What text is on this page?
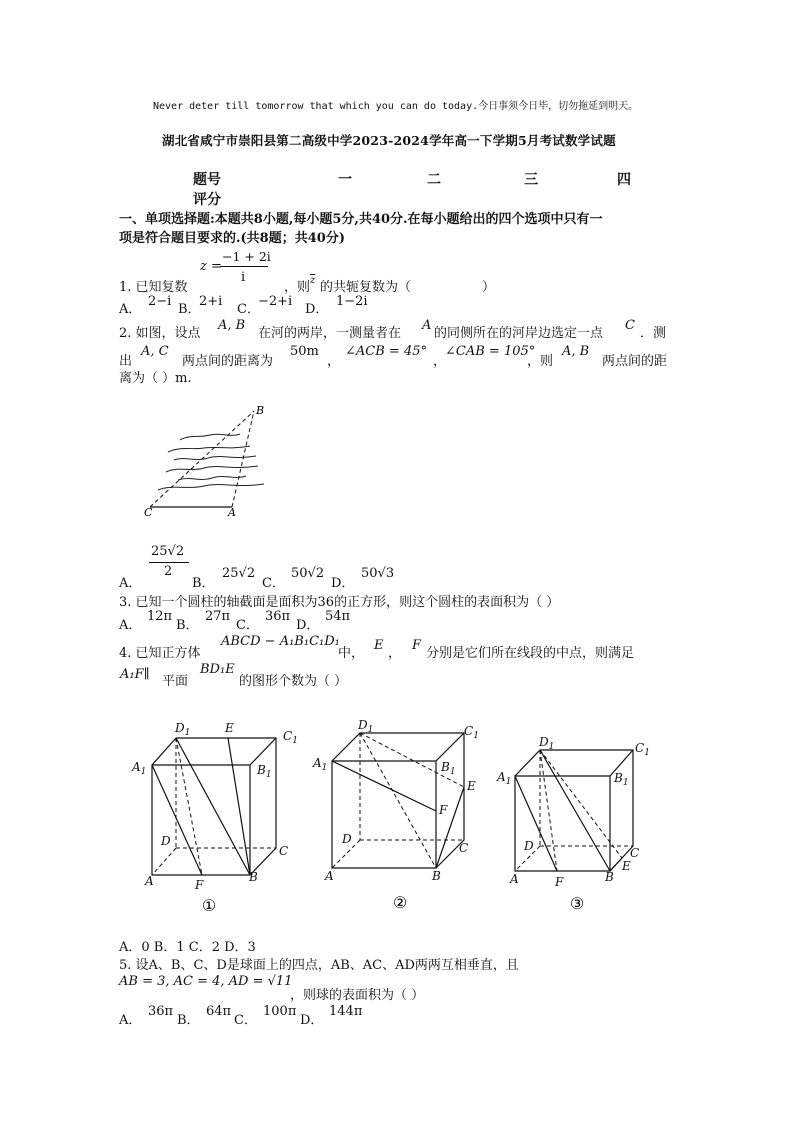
Never deter till tomorrow that which you can do today.今日事须今日毕，切勿拖延到明天。
湖北省咸宁市崇阳县第二高级中学2023-2024学年高一下学期5月考试数学试题
题号	一	二	三	四
评分
一、单项选择题:本题共8小题,每小题5分,共40分.在每小题给出的四个选项中只有一
项是符合题目要求的.(共8题；共40分)
z =
−1 + 2i
i
1. 已知复数	，则 $\overline{z}$ 的共轭复数为（	）
A．
2−i
B．
2+i
C．
−2+i
D．
1−2i
2. 如图，设点
A, B
在河的两岸，一测量者在
A
的同侧所在的河岸边选定一点
C
．测
出
A, C
两点间的距离为
50m
，
∠ACB = 45°
，
∠CAB = 105°
，则
A, B
两点间的距
离为（ ）m.
B
C	A
A．
25√2
2
B．
25√2
C．
50√2
D．
50√3
3. 已知一个圆柱的轴截面是面积为36的正方形，则这个圆柱的表面积为（ ）
A．
12π
B．
27π
C．
36π
D．
54π
4. 已知正方体
ABCD − A₁B₁C₁D₁
中，
E
，
F
分别是它们所在线段的中点，则满足
A₁F∥ 平面
BD₁E
的图形个数为（ ）
$D_1$	E
$C_1$
$A_1$	$B_1$
D
C
A	F
B
①
$D_1$	$C_1$
$A_1$	$B_1$
E
F
D
C
A	B
②
$D_1$	$C_1$
$A_1$	$B_1$
D	C
E
A	F	B
③
A．0 B．1 C．2 D．3
5. 设A、B、C、D是球面上的四点，AB、AC、AD两两互相垂直，且
AB = 3, AC = 4, AD = √11
，则球的表面积为（ ）
A．
36π
B．
64π
C．
100π
D．
144π
